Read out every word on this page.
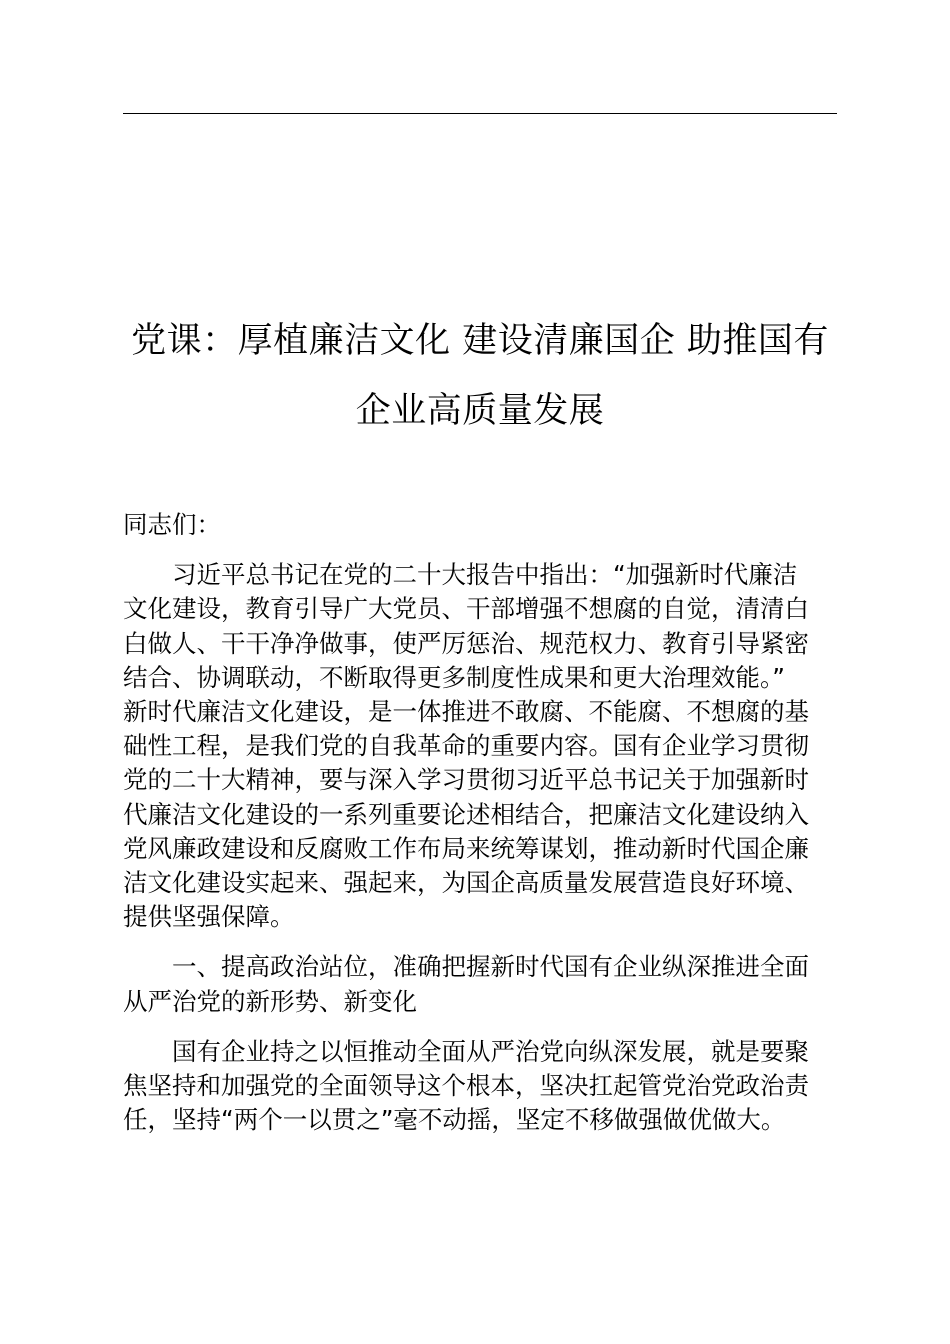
党课：厚植廉洁文化 建设清廉国企 助推国有
企业高质量发展

同志们：

习近平总书记在党的二十大报告中指出：“加强新时代廉洁
文化建设，教育引导广大党员、干部增强不想腐的自觉，清清白
白做人、干干净净做事，使严厉惩治、规范权力、教育引导紧密
结合、协调联动，不断取得更多制度性成果和更大治理效能。”
新时代廉洁文化建设，是一体推进不敢腐、不能腐、不想腐的基
础性工程，是我们党的自我革命的重要内容。国有企业学习贯彻
党的二十大精神，要与深入学习贯彻习近平总书记关于加强新时
代廉洁文化建设的一系列重要论述相结合，把廉洁文化建设纳入
党风廉政建设和反腐败工作布局来统筹谋划，推动新时代国企廉
洁文化建设实起来、强起来，为国企高质量发展营造良好环境、
提供坚强保障。

一、提高政治站位，准确把握新时代国有企业纵深推进全面
从严治党的新形势、新变化

国有企业持之以恒推动全面从严治党向纵深发展，就是要聚
焦坚持和加强党的全面领导这个根本，坚决扛起管党治党政治责
任，坚持“两个一以贯之”毫不动摇，坚定不移做强做优做大。
